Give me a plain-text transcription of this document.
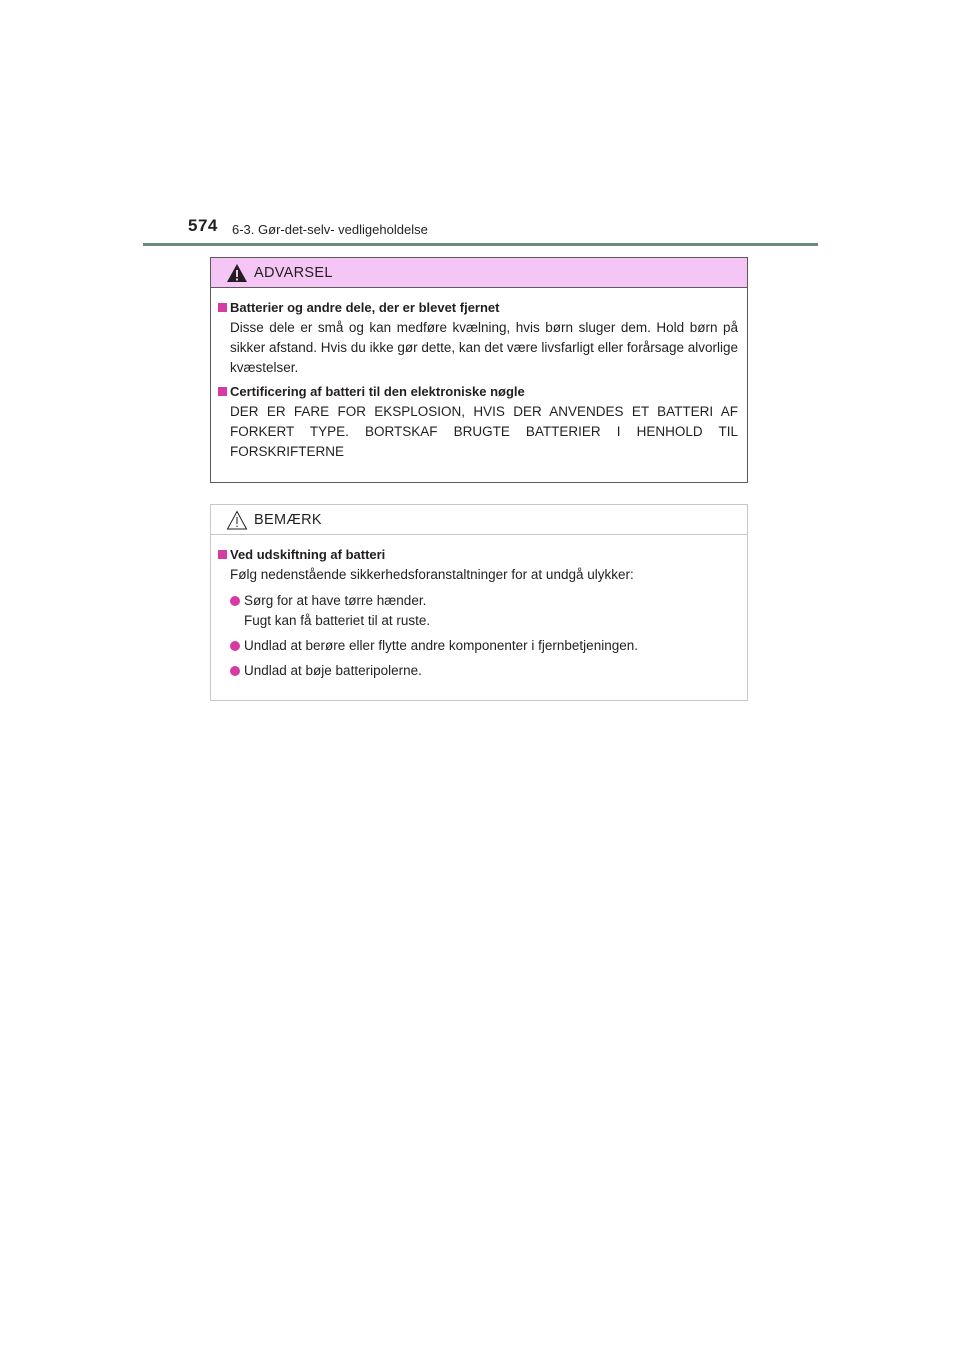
574 6-3. Gør-det-selv- vedligeholdelse
ADVARSEL
Batterier og andre dele, der er blevet fjernet

Disse dele er små og kan medføre kvælning, hvis børn sluger dem. Hold børn på sikker afstand. Hvis du ikke gør dette, kan det være livsfarligt eller forårsage alvorlige kvæstelser.

Certificering af batteri til den elektroniske nøgle

DER ER FARE FOR EKSPLOSION, HVIS DER ANVENDES ET BATTERI AF FORKERT TYPE. BORTSKAF BRUGTE BATTERIER I HENHOLD TIL FORSKRIFTERNE

BEMÆRK
Ved udskiftning af batteri

Følg nedenstående sikkerhedsforanstaltninger for at undgå ulykker:

Sørg for at have tørre hænder.
Fugt kan få batteriet til at ruste.
Undlad at berøre eller flytte andre komponenter i fjernbetjeningen.
Undlad at bøje batteripolerne.
